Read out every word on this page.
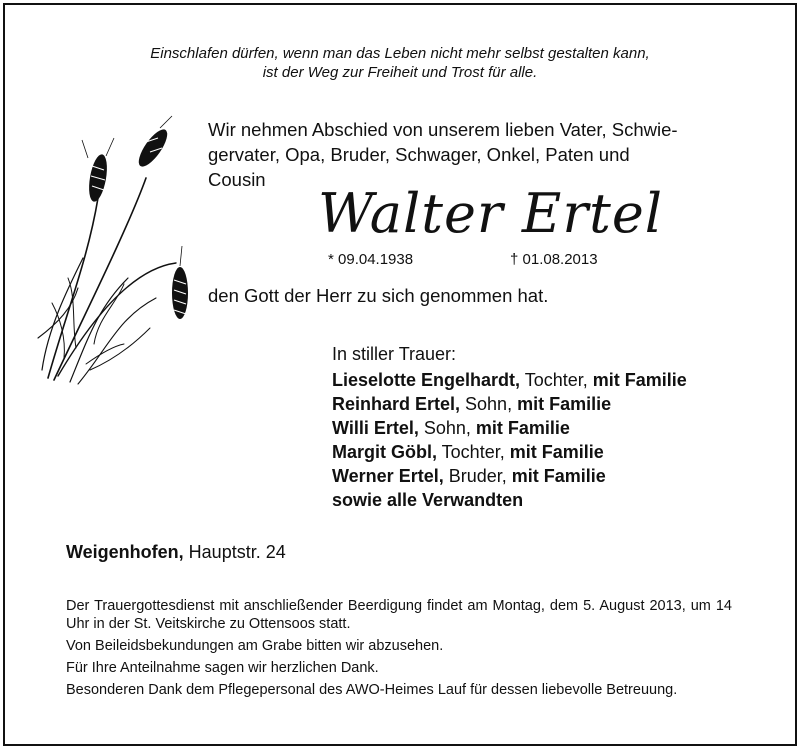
Einschlafen dürfen, wenn man das Leben nicht mehr selbst gestalten kann,
ist der Weg zur Freiheit und Trost für alle.
Wir nehmen Abschied von unserem lieben Vater, Schwie-
gervater, Opa, Bruder, Schwager, Onkel, Paten und
Cousin
Walter Ertel
* 09.04.1938	† 01.08.2013
den Gott der Herr zu sich genommen hat.
In stiller Trauer:
Lieselotte Engelhardt, Tochter, mit Familie
Reinhard Ertel, Sohn, mit Familie
Willi Ertel, Sohn, mit Familie
Margit Göbl, Tochter, mit Familie
Werner Ertel, Bruder, mit Familie
sowie alle Verwandten
Weigenhofen, Hauptstr. 24

Der Trauergottesdienst mit anschließender Beerdigung findet am Montag, dem 5. August 2013, um 14 Uhr in der St. Veitskirche zu Ottensoos statt.

Von Beileidsbekundungen am Grabe bitten wir abzusehen.

Für Ihre Anteilnahme sagen wir herzlichen Dank.

Besonderen Dank dem Pflegepersonal des AWO-Heimes Lauf für dessen liebevolle Betreuung.
